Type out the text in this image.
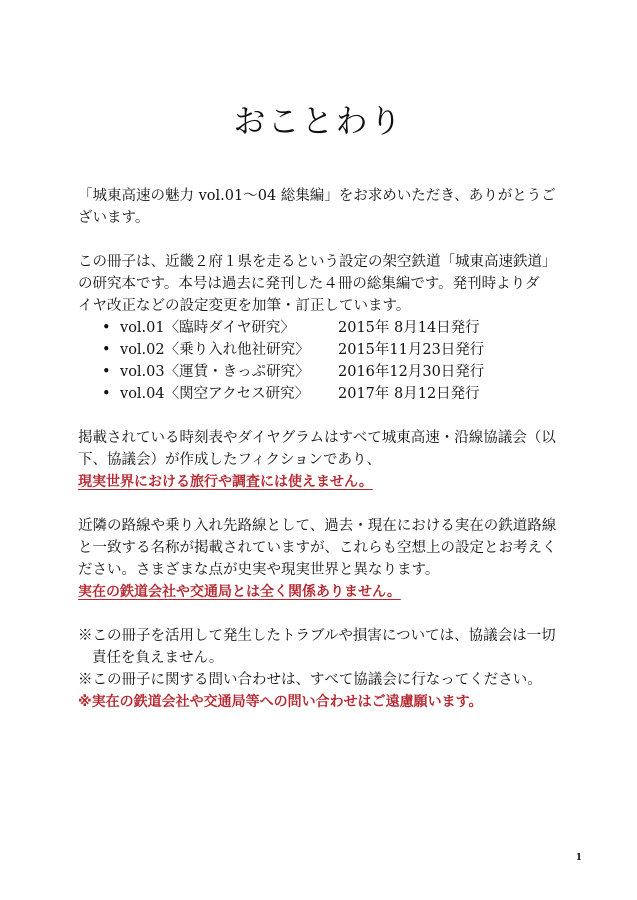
おことわり

「城東高速の魅力 vol.01〜04 総集編」をお求めいただき、ありがとうご
ざいます。

この冊子は、近畿２府１県を走るという設定の架空鉄道「城東高速鉄道」
の研究本です。本号は過去に発刊した４冊の総集編です。発刊時よりダ
イヤ改正などの設定変更を加筆・訂正しています。
• vol.01〈臨時ダイヤ研究〉	2015年 8月14日発行
• vol.02〈乗り入れ他社研究〉	2015年11月23日発行
• vol.03〈運賃・きっぷ研究〉	2016年12月30日発行
• vol.04〈関空アクセス研究〉	2017年 8月12日発行

掲載されている時刻表やダイヤグラムはすべて城東高速・沿線協議会（以
下、協議会）が作成したフィクションであり、
現実世界における旅行や調査には使えません。

近隣の路線や乗り入れ先路線として、過去・現在における実在の鉄道路線
と一致する名称が掲載されていますが、これらも空想上の設定とお考えく
ださい。さまざまな点が史実や現実世界と異なります。
実在の鉄道会社や交通局とは全く関係ありません。

※この冊子を活用して発生したトラブルや損害については、協議会は一切
責任を負えません。
※この冊子に関する問い合わせは、すべて協議会に行なってください。
※実在の鉄道会社や交通局等への問い合わせはご遠慮願います。

1
